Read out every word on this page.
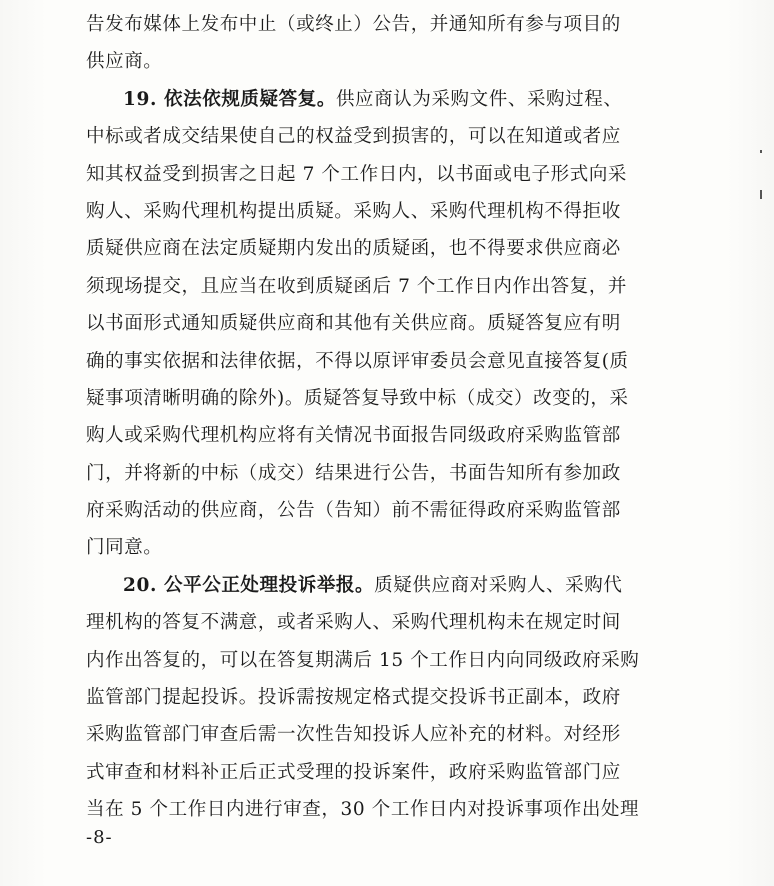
告发布媒体上发布中止（或终止）公告，并通知所有参与项目的
供应商。
19. 依法依规质疑答复。供应商认为采购文件、采购过程、
中标或者成交结果使自己的权益受到损害的，可以在知道或者应
知其权益受到损害之日起 7 个工作日内，以书面或电子形式向采
购人、采购代理机构提出质疑。采购人、采购代理机构不得拒收
质疑供应商在法定质疑期内发出的质疑函，也不得要求供应商必
须现场提交，且应当在收到质疑函后 7 个工作日内作出答复，并
以书面形式通知质疑供应商和其他有关供应商。质疑答复应有明
确的事实依据和法律依据，不得以原评审委员会意见直接答复(质
疑事项清晰明确的除外)。质疑答复导致中标（成交）改变的，采
购人或采购代理机构应将有关情况书面报告同级政府采购监管部
门，并将新的中标（成交）结果进行公告，书面告知所有参加政
府采购活动的供应商，公告（告知）前不需征得政府采购监管部
门同意。
20. 公平公正处理投诉举报。质疑供应商对采购人、采购代
理机构的答复不满意，或者采购人、采购代理机构未在规定时间
内作出答复的，可以在答复期满后 15 个工作日内向同级政府采购
监管部门提起投诉。投诉需按规定格式提交投诉书正副本，政府
采购监管部门审查后需一次性告知投诉人应补充的材料。对经形
式审查和材料补正后正式受理的投诉案件，政府采购监管部门应
当在 5 个工作日内进行审查，30 个工作日内对投诉事项作出处理
-8-
